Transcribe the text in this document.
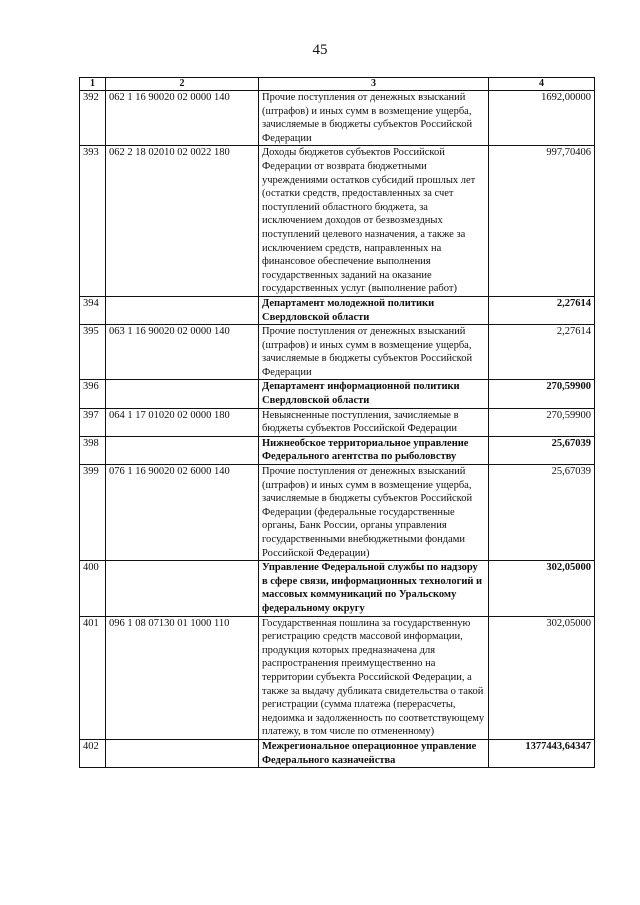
45
1	2	3	4
392	062 1 16 90020 02 0000 140	Прочие поступления от денежных взысканий (штрафов) и иных сумм в возмещение ущерба, зачисляемые в бюджеты субъектов Российской Федерации	1692,00000
393	062 2 18 02010 02 0022 180	Доходы бюджетов субъектов Российской Федерации от возврата бюджетными учреждениями остатков субсидий прошлых лет (остатки средств, предоставленных за счет поступлений областного бюджета, за исключением доходов от безвозмездных поступлений целевого назначения, а также за исключением средств, направленных на финансовое обеспечение выполнения государственных заданий на оказание государственных услуг (выполнение работ)	997,70406
394		Департамент молодежной политики Свердловской области	2,27614
395	063 1 16 90020 02 0000 140	Прочие поступления от денежных взысканий (штрафов) и иных сумм в возмещение ущерба, зачисляемые в бюджеты субъектов Российской Федерации	2,27614
396		Департамент информационной политики Свердловской области	270,59900
397	064 1 17 01020 02 0000 180	Невыясненные поступления, зачисляемые в бюджеты субъектов Российской Федерации	270,59900
398		Нижнеобское территориальное управление Федерального агентства по рыболовству	25,67039
399	076 1 16 90020 02 6000 140	Прочие поступления от денежных взысканий (штрафов) и иных сумм в возмещение ущерба, зачисляемые в бюджеты субъектов Российской Федерации (федеральные государственные органы, Банк России, органы управления государственными внебюджетными фондами Российской Федерации)	25,67039
400		Управление Федеральной службы по надзору в сфере связи, информационных технологий и массовых коммуникаций по Уральскому федеральному округу	302,05000
401	096 1 08 07130 01 1000 110	Государственная пошлина за государственную регистрацию средств массовой информации, продукция которых предназначена для распространения преимущественно на территории субъекта Российской Федерации, а также за выдачу дубликата свидетельства о такой регистрации (сумма платежа (перерасчеты, недоимка и задолженность по соответствующему платежу, в том числе по отмененному)	302,05000
402		Межрегиональное операционное управление Федерального казначейства	1377443,64347
